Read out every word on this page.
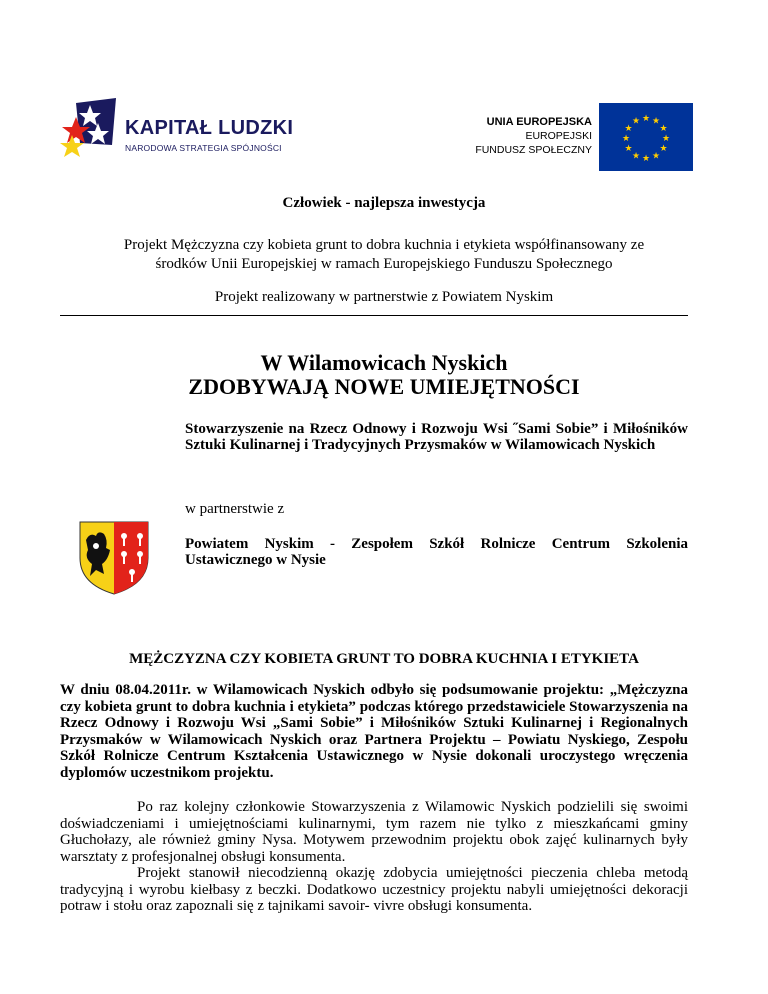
KAPITAŁ LUDZKI
NARODOWA STRATEGIA SPÓJNOŚCI
UNIA EUROPEJSKA
EUROPEJSKI
FUNDUSZ SPOŁECZNY
★ ★
★
★
★
★
★
★
★
★
★
★
Człowiek - najlepsza inwestycja
Projekt Mężczyzna czy kobieta grunt to dobra kuchnia i etykieta współfinansowany ze środków Unii Europejskiej w ramach Europejskiego Funduszu Społecznego
Projekt realizowany w partnerstwie z Powiatem Nyskim
W Wilamowicach Nyskich
ZDOBYWAJĄ NOWE UMIEJĘTNOŚCI
Stowarzyszenie na Rzecz Odnowy i Rozwoju Wsi ˝Sami Sobie” i Miłośników Sztuki Kulinarnej i Tradycyjnych Przysmaków w Wilamowicach Nyskich
w partnerstwie z
Powiatem Nyskim - Zespołem Szkół Rolnicze Centrum Szkolenia Ustawicznego w Nysie
MĘŻCZYZNA CZY KOBIETA GRUNT TO DOBRA KUCHNIA I ETYKIETA
W dniu 08.04.2011r. w Wilamowicach Nyskich odbyło się podsumowanie projektu: „Mężczyzna czy kobieta grunt to dobra kuchnia i etykieta” podczas którego przedstawiciele Stowarzyszenia na Rzecz Odnowy i Rozwoju Wsi „Sami Sobie” i Miłośników Sztuki Kulinarnej i Regionalnych Przysmaków w Wilamowicach Nyskich oraz Partnera Projektu – Powiatu Nyskiego, Zespołu Szkół Rolnicze Centrum Kształcenia Ustawicznego w Nysie dokonali uroczystego wręczenia dyplomów uczestnikom projektu.
Po raz kolejny członkowie Stowarzyszenia z Wilamowic Nyskich podzielili się swoimi doświadczeniami i umiejętnościami kulinarnymi, tym razem nie tylko z mieszkańcami gminy Głuchołazy, ale również gminy Nysa. Motywem przewodnim projektu obok zajęć kulinarnych były warsztaty z profesjonalnej obsługi konsumenta.
Projekt stanowił niecodzienną okazję zdobycia umiejętności pieczenia chleba metodą tradycyjną i wyrobu kiełbasy z beczki. Dodatkowo uczestnicy projektu nabyli umiejętności dekoracji potraw i stołu oraz zapoznali się z tajnikami savoir- vivre obsługi konsumenta.
